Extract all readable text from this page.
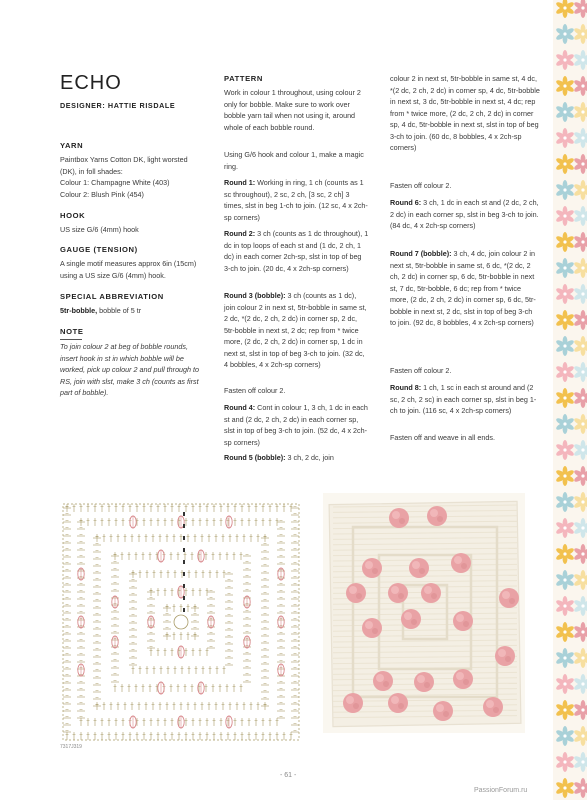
ECHO
DESIGNER: HATTIE RISDALE
YARN

Paintbox Yarns Cotton DK, light worsted (DK), in foll shades:
Colour 1: Champagne White (403)
Colour 2: Blush Pink (454)

HOOK

US size G/6 (4mm) hook

GAUGE (TENSION)

A single motif measures approx 6in (15cm) using a US size G/6 (4mm) hook.

SPECIAL ABBREVIATION

5tr-bobble, bobble of 5 tr

NOTE

To join colour 2 at beg of bobble rounds, insert hook in st in which bobble will be worked, pick up colour 2 and pull through to RS, join with slst, make 3 ch (counts as first part of bobble).

PATTERN

Work in colour 1 throughout, using colour 2 only for bobble. Make sure to work over bobble yarn tail when not using it, around whole of each bobble round.

Using G/6 hook and colour 1, make a magic ring.

Round 1: Working in ring, 1 ch (counts as 1 sc throughout), 2 sc, 2 ch, [3 sc, 2 ch] 3 times, slst in beg 1-ch to join. (12 sc, 4 x 2ch-sp corners)

Round 2: 3 ch (counts as 1 dc throughout), 1 dc in top loops of each st and (1 dc, 2 ch, 1 dc) in each corner 2ch-sp, slst in top of beg 3-ch to join. (20 dc, 4 x 2ch-sp corners)

Round 3 (bobble): 3 ch (counts as 1 dc), join colour 2 in next st, 5tr-bobble in same st, 2 dc, *(2 dc, 2 ch, 2 dc) in corner sp, 2 dc, 5tr-bobble in next st, 2 dc; rep from * twice more, (2 dc, 2 ch, 2 dc) in corner sp, 1 dc in next st, slst in top of beg 3-ch to join. (32 dc, 4 bobbles, 4 x 2ch-sp corners)

Fasten off colour 2.

Round 4: Cont in colour 1, 3 ch, 1 dc in each st and (2 dc, 2 ch, 2 dc) in each corner sp, slst in top of beg 3-ch to join. (52 dc, 4 x 2ch-sp corners)

Round 5 (bobble): 3 ch, 2 dc, join

colour 2 in next st, 5tr-bobble in same st, 4 dc, *(2 dc, 2 ch, 2 dc) in corner sp, 4 dc, 5tr-bobble in next st, 3 dc, 5tr-bobble in next st, 4 dc; rep from * twice more, (2 dc, 2 ch, 2 dc) in corner sp, 4 dc, 5tr-bobble in next st, slst in top of beg 3-ch to join. (60 dc, 8 bobbles, 4 x 2ch-sp corners)

Fasten off colour 2.

Round 6: 3 ch, 1 dc in each st and (2 dc, 2 ch, 2 dc) in each corner sp, slst in beg 3-ch to join. (84 dc, 4 x 2ch-sp corners)

Round 7 (bobble): 3 ch, 4 dc, join colour 2 in next st, 5tr-bobble in same st, 6 dc, *(2 dc, 2 ch, 2 dc) in corner sp, 6 dc, 5tr-bobble in next st, 7 dc, 5tr-bobble, 6 dc; rep from * twice more, (2 dc, 2 ch, 2 dc) in corner sp, 6 dc, 5tr-bobble in next st, 2 dc, slst in top of beg 3-ch to join. (92 dc, 8 bobbles, 4 x 2ch-sp corners)

Fasten off colour 2.

Round 8: 1 ch, 1 sc in each st around and (2 sc, 2 ch, 2 sc) in each corner sp, slst in beg 1-ch to join. (116 sc, 4 x 2ch-sp corners)

Fasten off and weave in all ends.

7317J319
- 61 -
PassionForum.ru
